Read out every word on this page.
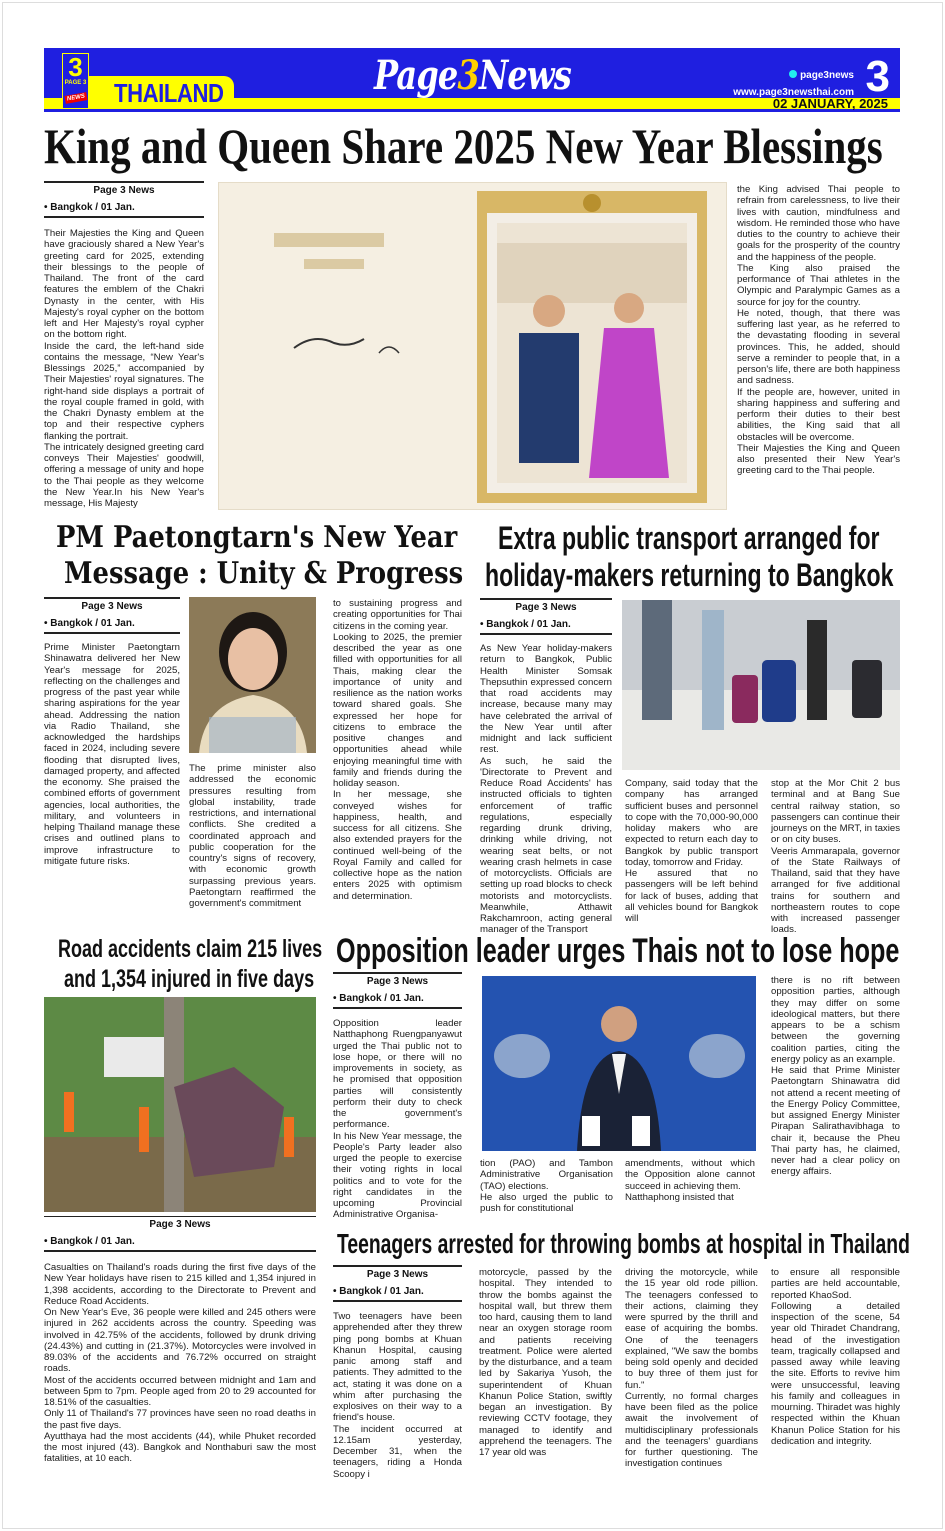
THAILAND
3
PAGE 3
NEWS	Page3News	page3news
www.page3newsthai.com 3
02 JANUARY, 2025
King and Queen Share 2025 New Year Blessings
Page 3 News
• Bangkok / 01 Jan.

Their Majesties the King and Queen have graciously shared a New Year's greeting card for 2025, extending their blessings to the people of Thailand. The front of the card features the emblem of the Chakri Dynasty in the center, with His Majesty's royal cypher on the bottom left and Her Majesty's royal cypher on the bottom right.

Inside the card, the left-hand side contains the message, “New Year's Blessings 2025,” accompanied by Their Majesties' royal signatures. The right-hand side displays a portrait of the royal couple framed in gold, with the Chakri Dynasty emblem at the top and their respective cyphers flanking the portrait.

The intricately designed greeting card conveys Their Majesties' goodwill, offering a message of unity and hope to the Thai people as they welcome the New Year.In his New Year's message, His Majesty

the King advised Thai people to refrain from carelessness, to live their lives with caution, mindfulness and wisdom. He reminded those who have duties to the country to achieve their goals for the prosperity of the country and the happiness of the people.

The King also praised the performance of Thai athletes in the Olympic and Paralympic Games as a source for joy for the country.

He noted, though, that there was suffering last year, as he referred to the devastating flooding in several provinces. This, he added, should serve a reminder to people that, in a person's life, there are both happiness and sadness.

If the people are, however, united in sharing happiness and suffering and perform their duties to their best abilities, the King said that all obstacles will be overcome.

Their Majesties the King and Queen also presented their New Year's greeting card to the Thai people.

PM Paetongtarn's New Year
Message : Unity & Progress
Page 3 News
• Bangkok / 01 Jan.

Prime Minister Paetongtarn Shinawatra delivered her New Year's message for 2025, reflecting on the challenges and progress of the past year while sharing aspirations for the year ahead. Addressing the nation via Radio Thailand, she acknowledged the hardships faced in 2024, including severe flooding that disrupted lives, damaged property, and affected the economy. She praised the combined efforts of government agencies, local authorities, the military, and volunteers in helping Thailand manage these crises and outlined plans to improve infrastructure to mitigate future risks.

The prime minister also addressed the economic pressures resulting from global instability, trade restrictions, and international conflicts. She credited a coordinated approach and public cooperation for the country's signs of recovery, with economic growth surpassing previous years. Paetongtarn reaffirmed the government's commitment

to sustaining progress and creating opportunities for Thai citizens in the coming year.

Looking to 2025, the premier described the year as one filled with opportunities for all Thais, making clear the importance of unity and resilience as the nation works toward shared goals. She expressed her hope for citizens to embrace the positive changes and opportunities ahead while enjoying meaningful time with family and friends during the holiday season.

In her message, she conveyed wishes for happiness, health, and success for all citizens. She also extended prayers for the continued well-being of the Royal Family and called for collective hope as the nation enters 2025 with optimism and determination.

Extra public transport arranged for
holiday-makers returning to Bangkok
Page 3 News
• Bangkok / 01 Jan.

As New Year holiday-makers return to Bangkok, Public Health Minister Somsak Thepsuthin expressed concern that road accidents may increase, because many may have celebrated the arrival of the New Year until after midnight and lack sufficient rest.

As such, he said the 'Directorate to Prevent and Reduce Road Accidents' has instructed officials to tighten enforcement of traffic regulations, especially regarding drunk driving, drinking while driving, not wearing seat belts, or not wearing crash helmets in case of motorcyclists. Officials are setting up road blocks to check motorists and motorcyclists. Meanwhile, Atthawit Rakchamroon, acting general manager of the Transport

Company, said today that the company has arranged sufficient buses and personnel to cope with the 70,000-90,000 holiday makers who are expected to return each day to Bangkok by public transport today, tomorrow and Friday.

He assured that no passengers will be left behind for lack of buses, adding that all vehicles bound for Bangkok will

stop at the Mor Chit 2 bus terminal and at Bang Sue central railway station, so passengers can continue their journeys on the MRT, in taxies or on city buses.

Veeris Ammarapala, governor of the State Railways of Thailand, said that they have arranged for five additional trains for southern and northeastern routes to cope with increased passenger loads.

Road accidents claim 215 lives
and 1,354 injured in five days
Page 3 News
• Bangkok / 01 Jan.

Casualties on Thailand's roads during the first five days of the New Year holidays have risen to 215 killed and 1,354 injured in 1,398 accidents, according to the Directorate to Prevent and Reduce Road Accidents.

On New Year's Eve, 36 people were killed and 245 others were injured in 262 accidents across the country. Speeding was involved in 42.75% of the accidents, followed by drunk driving (24.43%) and cutting in (21.37%). Motorcycles were involved in 89.03% of the accidents and 76.72% occurred on straight roads.

Most of the accidents occurred between midnight and 1am and between 5pm to 7pm. People aged from 20 to 29 accounted for 18.51% of the casualties.

Only 11 of Thailand's 77 provinces have seen no road deaths in the past five days.

Ayutthaya had the most accidents (44), while Phuket recorded the most injured (43). Bangkok and Nonthaburi saw the most fatalities, at 10 each.

Opposition leader urges Thais not to lose hope
Page 3 News
• Bangkok / 01 Jan.

Opposition leader Natthaphong Ruengpanyawut urged the Thai public not to lose hope, or there will no improvements in society, as he promised that opposition parties will consistently perform their duty to check the government's performance.

In his New Year message, the People's Party leader also urged the people to exercise their voting rights in local politics and to vote for the right candidates in the upcoming Provincial Administrative Organisa-

tion (PAO) and Tambon Administrative Organisation (TAO) elections.

He also urged the public to push for constitutional

amendments, without which the Opposition alone cannot succeed in achieving them.

Natthaphong insisted that

there is no rift between opposition parties, although they may differ on some ideological matters, but there appears to be a schism between the governing coalition parties, citing the energy policy as an example.

He said that Prime Minister Paetongtarn Shinawatra did not attend a recent meeting of the Energy Policy Committee, but assigned Energy Minister Pirapan Salirathavibhaga to chair it, because the Pheu Thai party has, he claimed, never had a clear policy on energy affairs.

Teenagers arrested for throwing bombs at hospital in Thailand
Page 3 News
• Bangkok / 01 Jan.

Two teenagers have been apprehended after they threw ping pong bombs at Khuan Khanun Hospital, causing panic among staff and patients. They admitted to the act, stating it was done on a whim after purchasing the explosives on their way to a friend's house.

The incident occurred at 12.15am yesterday, December 31, when the teenagers, riding a Honda Scoopy i

motorcycle, passed by the hospital. They intended to throw the bombs against the hospital wall, but threw them too hard, causing them to land near an oxygen storage room and patients receiving treatment. Police were alerted by the disturbance, and a team led by Sakariya Yusoh, the superintendent of Khuan Khanun Police Station, swiftly began an investigation. By reviewing CCTV footage, they managed to identify and apprehend the teenagers. The 17 year old was

driving the motorcycle, while the 15 year old rode pillion. The teenagers confessed to their actions, claiming they were spurred by the thrill and ease of acquiring the bombs. One of the teenagers explained, "We saw the bombs being sold openly and decided to buy three of them just for fun."

Currently, no formal charges have been filed as the police await the involvement of multidisciplinary professionals and the teenagers' guardians for further questioning. The investigation continues

to ensure all responsible parties are held accountable, reported KhaoSod.

Following a detailed inspection of the scene, 54 year old Thiradet Chandrang, head of the investigation team, tragically collapsed and passed away while leaving the site. Efforts to revive him were unsuccessful, leaving his family and colleagues in mourning. Thiradet was highly respected within the Khuan Khanun Police Station for his dedication and integrity.
